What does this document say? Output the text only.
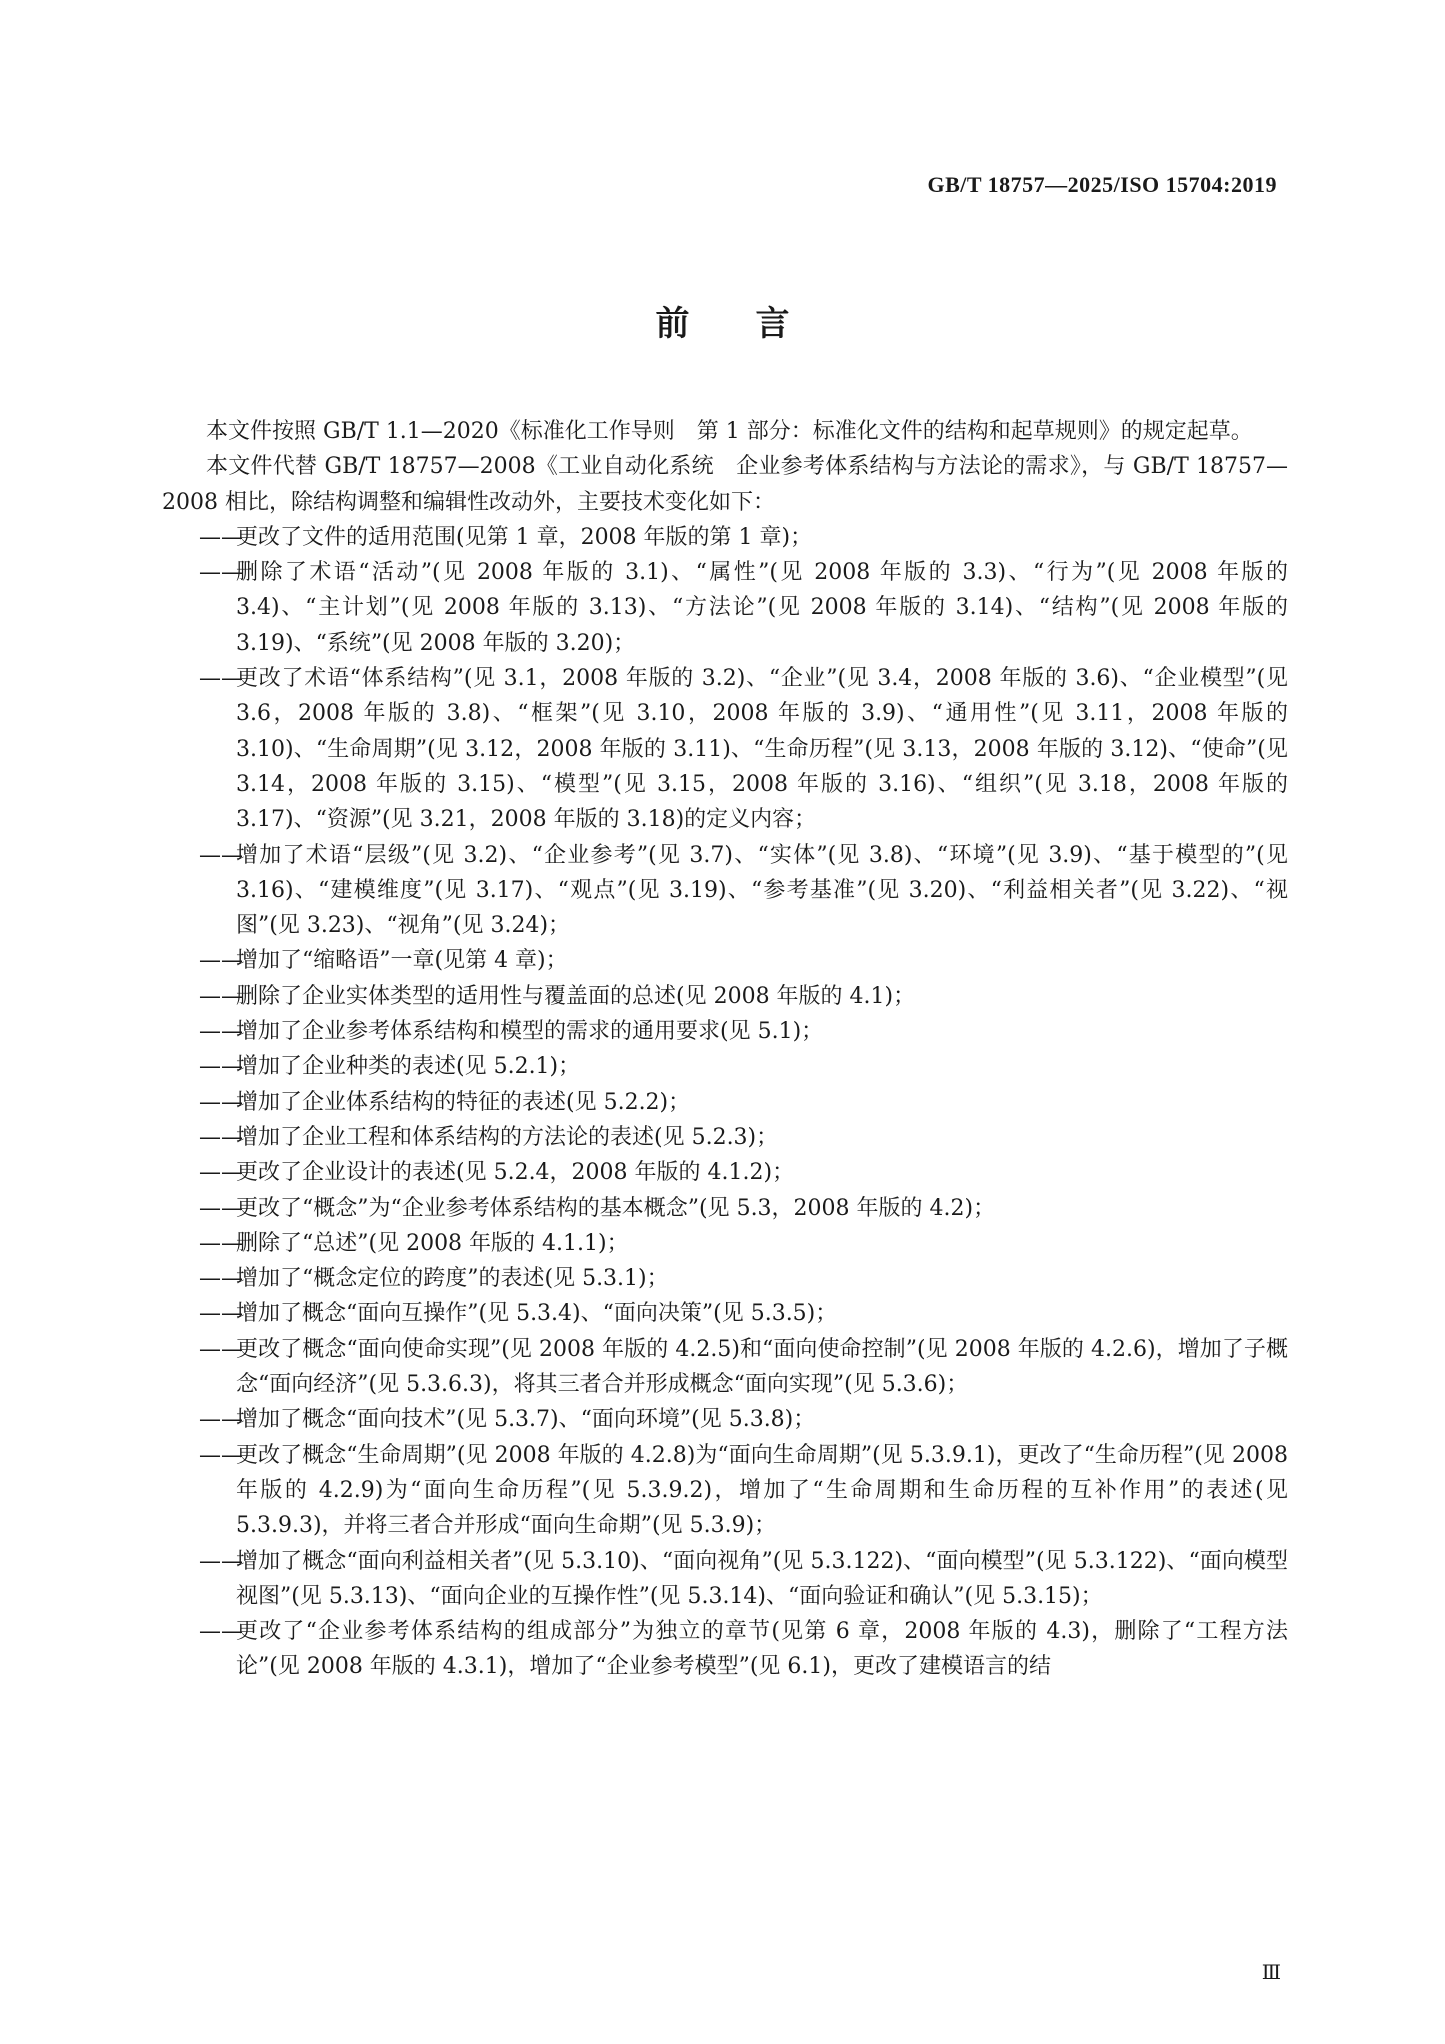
GB/T 18757—2025/ISO 15704:2019
前 言

本文件按照 GB/T 1.1—2020《标准化工作导则　第 1 部分：标准化文件的结构和起草规则》的规定起草。

本文件代替 GB/T 18757—2008《工业自动化系统　企业参考体系结构与方法论的需求》，与 GB/T 18757—2008 相比，除结构调整和编辑性改动外，主要技术变化如下：

——
更改了文件的适用范围(见第 1 章，2008 年版的第 1 章)；

——
删除了术语“活动”(见 2008 年版的 3.1)、“属性”(见 2008 年版的 3.3)、“行为”(见 2008 年版的 3.4)、“主计划”(见 2008 年版的 3.13)、“方法论”(见 2008 年版的 3.14)、“结构”(见 2008 年版的 3.19)、“系统”(见 2008 年版的 3.20)；

——
更改了术语“体系结构”(见 3.1，2008 年版的 3.2)、“企业”(见 3.4，2008 年版的 3.6)、“企业模型”(见 3.6，2008 年版的 3.8)、“框架”(见 3.10，2008 年版的 3.9)、“通用性”(见 3.11，2008 年版的 3.10)、“生命周期”(见 3.12，2008 年版的 3.11)、“生命历程”(见 3.13，2008 年版的 3.12)、“使命”(见 3.14，2008 年版的 3.15)、“模型”(见 3.15，2008 年版的 3.16)、“组织”(见 3.18，2008 年版的 3.17)、“资源”(见 3.21，2008 年版的 3.18)的定义内容；

——
增加了术语“层级”(见 3.2)、“企业参考”(见 3.7)、“实体”(见 3.8)、“环境”(见 3.9)、“基于模型的”(见 3.16)、“建模维度”(见 3.17)、“观点”(见 3.19)、“参考基准”(见 3.20)、“利益相关者”(见 3.22)、“视图”(见 3.23)、“视角”(见 3.24)；

——
增加了“缩略语”一章(见第 4 章)；

——
删除了企业实体类型的适用性与覆盖面的总述(见 2008 年版的 4.1)；

——
增加了企业参考体系结构和模型的需求的通用要求(见 5.1)；

——
增加了企业种类的表述(见 5.2.1)；

——
增加了企业体系结构的特征的表述(见 5.2.2)；

——
增加了企业工程和体系结构的方法论的表述(见 5.2.3)；

——
更改了企业设计的表述(见 5.2.4，2008 年版的 4.1.2)；

——
更改了“概念”为“企业参考体系结构的基本概念”(见 5.3，2008 年版的 4.2)；

——
删除了“总述”(见 2008 年版的 4.1.1)；

——
增加了“概念定位的跨度”的表述(见 5.3.1)；

——
增加了概念“面向互操作”(见 5.3.4)、“面向决策”(见 5.3.5)；

——
更改了概念“面向使命实现”(见 2008 年版的 4.2.5)和“面向使命控制”(见 2008 年版的 4.2.6)，增加了子概念“面向经济”(见 5.3.6.3)，将其三者合并形成概念“面向实现”(见 5.3.6)；

——
增加了概念“面向技术”(见 5.3.7)、“面向环境”(见 5.3.8)；

——
更改了概念“生命周期”(见 2008 年版的 4.2.8)为“面向生命周期”(见 5.3.9.1)，更改了“生命历程”(见 2008 年版的 4.2.9)为“面向生命历程”(见 5.3.9.2)，增加了“生命周期和生命历程的互补作用”的表述(见 5.3.9.3)，并将三者合并形成“面向生命期”(见 5.3.9)；

——
增加了概念“面向利益相关者”(见 5.3.10)、“面向视角”(见 5.3.122)、“面向模型”(见 5.3.122)、“面向模型视图”(见 5.3.13)、“面向企业的互操作性”(见 5.3.14)、“面向验证和确认”(见 5.3.15)；

——
更改了“企业参考体系结构的组成部分”为独立的章节(见第 6 章，2008 年版的 4.3)，删除了“工程方法论”(见 2008 年版的 4.3.1)，增加了“企业参考模型”(见 6.1)，更改了建模语言的结

Ⅲ
